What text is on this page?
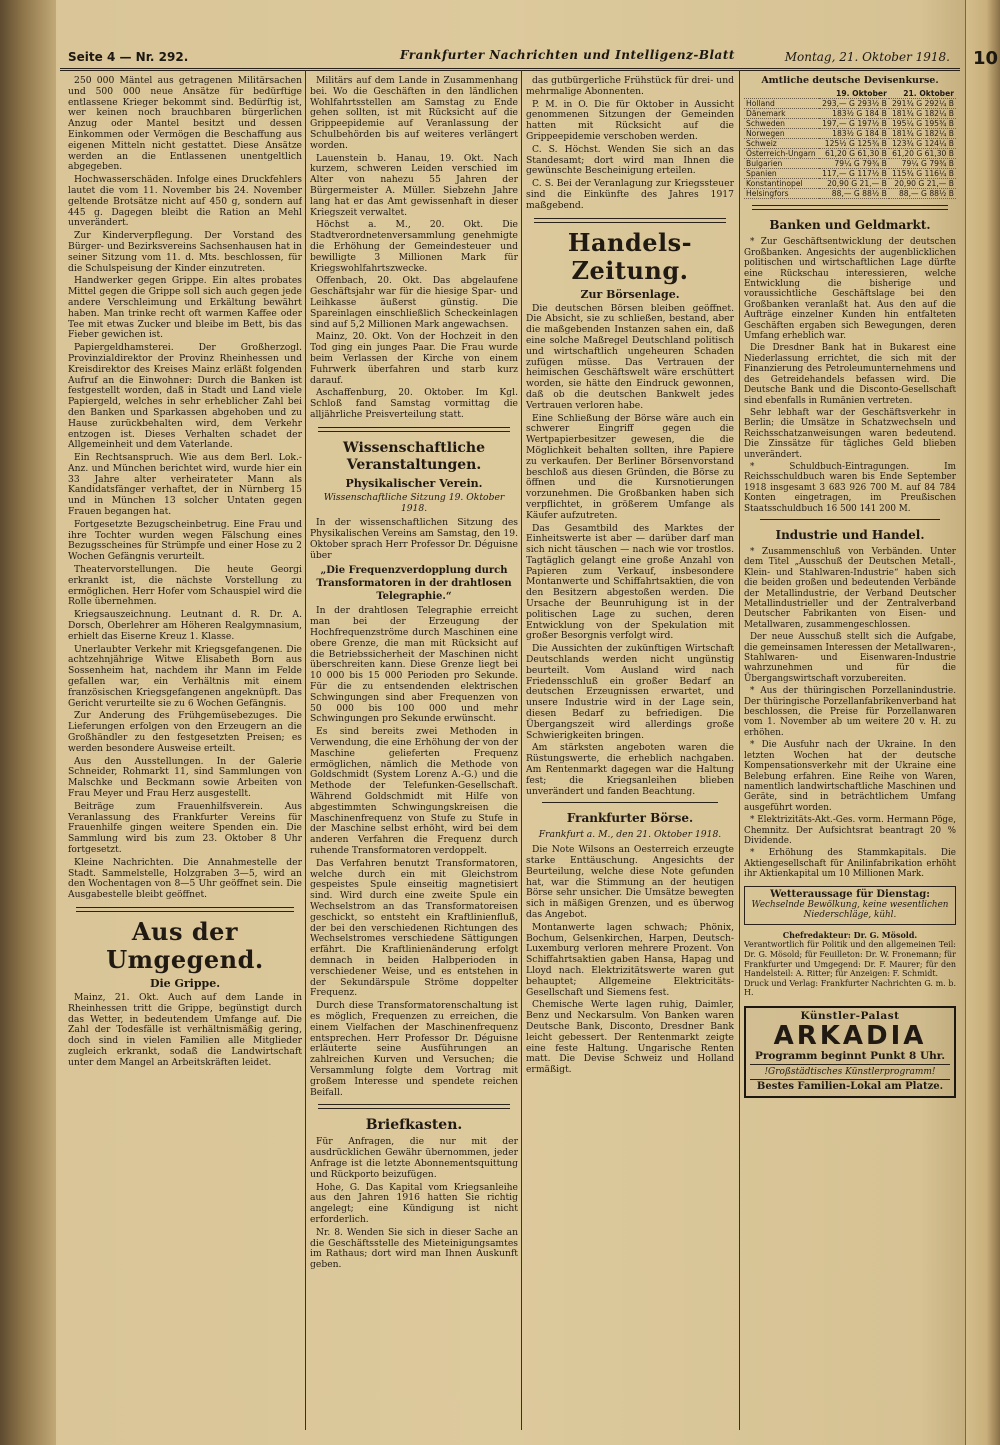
10
Seite 4 — Nr. 292.	Frankfurter Nachrichten und Intelligenz-Blatt	Montag, 21. Oktober 1918.

250 000 Mäntel aus getragenen Militärsachen und 500 000 neue Ansätze für bedürftige entlassene Krieger bekommt sind. Bedürftig ist, wer keinen noch brauchbaren bürgerlichen Anzug oder Mantel besitzt und dessen Einkommen oder Vermögen die Beschaffung aus eigenen Mitteln nicht gestattet. Diese Ansätze werden an die Entlassenen unentgeltlich abgegeben.

Hochwasserschäden. Infolge eines Druckfehlers lautet die vom 11. November bis 24. November geltende Brotsätze nicht auf 450 g, sondern auf 445 g. Dagegen bleibt die Ration an Mehl unverändert.

Zur Kinderverpflegung. Der Vorstand des Bürger- und Bezirksvereins Sachsenhausen hat in seiner Sitzung vom 11. d. Mts. beschlossen, für die Schulspeisung der Kinder einzutreten.

Handwerker gegen Grippe. Ein altes probates Mittel gegen die Grippe soll sich auch gegen jede andere Verschleimung und Erkältung bewährt haben. Man trinke recht oft warmen Kaffee oder Tee mit etwas Zucker und bleibe im Bett, bis das Fieber gewichen ist.

Papiergeldhamsterei. Der Großherzogl. Provinzialdirektor der Provinz Rheinhessen und Kreisdirektor des Kreises Mainz erläßt folgenden Aufruf an die Einwohner: Durch die Banken ist festgestellt worden, daß in Stadt und Land viele Papiergeld, welches in sehr erheblicher Zahl bei den Banken und Sparkassen abgehoben und zu Hause zurückbehalten wird, dem Verkehr entzogen ist. Dieses Verhalten schadet der Allgemeinheit und dem Vaterlande.

Ein Rechtsanspruch. Wie aus dem Berl. Lok.-Anz. und München berichtet wird, wurde hier ein 33 Jahre alter verheirateter Mann als Kandidatsfänger verhaftet, der in Nürnberg 15 und in München 13 solcher Untaten gegen Frauen begangen hat.

Fortgesetzte Bezugscheinbetrug. Eine Frau und ihre Tochter wurden wegen Fälschung eines Bezugsscheines für Strümpfe und einer Hose zu 2 Wochen Gefängnis verurteilt.

Theatervorstellungen. Die heute Georgi erkrankt ist, die nächste Vorstellung zu ermöglichen. Herr Hofer vom Schauspiel wird die Rolle übernehmen.

Kriegsauszeichnung. Leutnant d. R. Dr. A. Dorsch, Oberlehrer am Höheren Realgymnasium, erhielt das Eiserne Kreuz 1. Klasse.

Unerlaubter Verkehr mit Kriegsgefangenen. Die achtzehnjährige Witwe Elisabeth Born aus Sossenheim hat, nachdem ihr Mann im Felde gefallen war, ein Verhältnis mit einem französischen Kriegsgefangenen angeknüpft. Das Gericht verurteilte sie zu 6 Wochen Gefängnis.

Zur Anderung des Frühgemüsebezuges. Die Lieferungen erfolgen von den Erzeugern an die Großhändler zu den festgesetzten Preisen; es werden besondere Ausweise erteilt.

Aus den Ausstellungen. In der Galerie Schneider, Rohmarkt 11, sind Sammlungen von Malschke und Beckmann sowie Arbeiten von Frau Meyer und Frau Herz ausgestellt.

Beiträge zum Frauenhilfsverein. Aus Veranlassung des Frankfurter Vereins für Frauenhilfe gingen weitere Spenden ein. Die Sammlung wird bis zum 23. Oktober 8 Uhr fortgesetzt.

Kleine Nachrichten. Die Annahmestelle der Stadt. Sammelstelle, Holzgraben 3—5, wird an den Wochentagen von 8—5 Uhr geöffnet sein. Die Ausgabestelle bleibt geöffnet.

Aus der Umgegend.
Die Grippe.

Mainz, 21. Okt. Auch auf dem Lande in Rheinhessen tritt die Grippe, begünstigt durch das Wetter, in bedeutendem Umfange auf. Die Zahl der Todesfälle ist verhältnismäßig gering, doch sind in vielen Familien alle Mitglieder zugleich erkrankt, sodaß die Landwirtschaft unter dem Mangel an Arbeitskräften leidet.

Militärs auf dem Lande in Zusammenhang bei. Wo die Geschäften in den ländlichen Wohlfahrtsstellen am Samstag zu Ende gehen sollten, ist mit Rücksicht auf die Grippeepidemie auf Veranlassung der Schulbehörden bis auf weiteres verlängert worden.

Lauenstein b. Hanau, 19. Okt. Nach kurzem, schweren Leiden verschied im Alter von nahezu 55 Jahren der Bürgermeister A. Müller. Siebzehn Jahre lang hat er das Amt gewissenhaft in dieser Kriegszeit verwaltet.

Höchst a. M., 20. Okt. Die Stadtverordnetenversammlung genehmigte die Erhöhung der Gemeindesteuer und bewilligte 3 Millionen Mark für Kriegswohlfahrtszwecke.

Offenbach, 20. Okt. Das abgelaufene Geschäftsjahr war für die hiesige Spar- und Leihkasse äußerst günstig. Die Spareinlagen einschließlich Scheckeinlagen sind auf 5,2 Millionen Mark angewachsen.

Mainz, 20. Okt. Von der Hochzeit in den Tod ging ein junges Paar. Die Frau wurde beim Verlassen der Kirche von einem Fuhrwerk überfahren und starb kurz darauf.

Aschaffenburg, 20. Oktober. Im Kgl. Schloß fand Samstag vormittag die alljährliche Preisverteilung statt.

Wissenschaftliche Veranstaltungen.
Physikalischer Verein.
Wissenschaftliche Sitzung 19. Oktober 1918.

In der wissenschaftlichen Sitzung des Physikalischen Vereins am Samstag, den 19. Oktober sprach Herr Professor Dr. Déguisne über

„Die Frequenzverdopplung durch Transformatoren in der drahtlosen Telegraphie.“

In der drahtlosen Telegraphie erreicht man bei der Erzeugung der Hochfrequenzströme durch Maschinen eine obere Grenze, die man mit Rücksicht auf die Betriebssicherheit der Maschinen nicht überschreiten kann. Diese Grenze liegt bei 10 000 bis 15 000 Perioden pro Sekunde. Für die zu entsendenden elektrischen Schwingungen sind aber Frequenzen von 50 000 bis 100 000 und mehr Schwingungen pro Sekunde erwünscht.

Es sind bereits zwei Methoden in Verwendung, die eine Erhöhung der von der Maschine gelieferten Frequenz ermöglichen, nämlich die Methode von Goldschmidt (System Lorenz A.-G.) und die Methode der Telefunken-Gesellschaft. Während Goldschmidt mit Hilfe von abgestimmten Schwingungskreisen die Maschinenfrequenz von Stufe zu Stufe in der Maschine selbst erhöht, wird bei dem anderen Verfahren die Frequenz durch ruhende Transformatoren verdoppelt.

Das Verfahren benutzt Transformatoren, welche durch ein mit Gleichstrom gespeistes Spule einseitig magnetisiert sind. Wird durch eine zweite Spule ein Wechselstrom an das Transformatoreisen geschickt, so entsteht ein Kraftlinienfluß, der bei den verschiedenen Richtungen des Wechselstromes verschiedene Sättigungen erfährt. Die Kraftlinienänderung erfolgt demnach in beiden Halbperioden in verschiedener Weise, und es entstehen in der Sekundärspule Ströme doppelter Frequenz.

Durch diese Transformatorenschaltung ist es möglich, Frequenzen zu erreichen, die einem Vielfachen der Maschinenfrequenz entsprechen. Herr Professor Dr. Déguisne erläuterte seine Ausführungen an zahlreichen Kurven und Versuchen; die Versammlung folgte dem Vortrag mit großem Interesse und spendete reichen Beifall.

Briefkasten.

Für Anfragen, die nur mit der ausdrücklichen Gewähr übernommen, jeder Anfrage ist die letzte Abonnementsquittung und Rückporto beizufügen.

Hohe, G. Das Kapital vom Kriegsanleihe aus den Jahren 1916 hatten Sie richtig angelegt; eine Kündigung ist nicht erforderlich.

Nr. 8. Wenden Sie sich in dieser Sache an die Geschäftsstelle des Mieteinigungsamtes im Rathaus; dort wird man Ihnen Auskunft geben.

das gutbürgerliche Frühstück für drei- und mehrmalige Abonnenten.

P. M. in O. Die für Oktober in Aussicht genommenen Sitzungen der Gemeinden hatten mit Rücksicht auf die Grippeepidemie verschoben werden.

C. S. Höchst. Wenden Sie sich an das Standesamt; dort wird man Ihnen die gewünschte Bescheinigung erteilen.

C. S. Bei der Veranlagung zur Kriegssteuer sind die Einkünfte des Jahres 1917 maßgebend.

Handels-Zeitung.
Zur Börsenlage.

Die deutschen Börsen bleiben geöffnet. Die Absicht, sie zu schließen, bestand, aber die maßgebenden Instanzen sahen ein, daß eine solche Maßregel Deutschland politisch und wirtschaftlich ungeheuren Schaden zufügen müsse. Das Vertrauen der heimischen Geschäftswelt wäre erschüttert worden, sie hätte den Eindruck gewonnen, daß ob die deutschen Bankwelt jedes Vertrauen verloren habe.

Eine Schließung der Börse wäre auch ein schwerer Eingriff gegen die Wertpapierbesitzer gewesen, die die Möglichkeit behalten sollten, ihre Papiere zu verkaufen. Der Berliner Börsenvorstand beschloß aus diesen Gründen, die Börse zu öffnen und die Kursnotierungen vorzunehmen. Die Großbanken haben sich verpflichtet, in größerem Umfange als Käufer aufzutreten.

Das Gesamtbild des Marktes der Einheitswerte ist aber — darüber darf man sich nicht täuschen — nach wie vor trostlos. Tagtäglich gelangt eine große Anzahl von Papieren zum Verkauf, insbesondere Montanwerte und Schiffahrtsaktien, die von den Besitzern abgestoßen werden. Die Ursache der Beunruhigung ist in der politischen Lage zu suchen, deren Entwicklung von der Spekulation mit großer Besorgnis verfolgt wird.

Die Aussichten der zukünftigen Wirtschaft Deutschlands werden nicht ungünstig beurteilt. Vom Ausland wird nach Friedensschluß ein großer Bedarf an deutschen Erzeugnissen erwartet, und unsere Industrie wird in der Lage sein, diesen Bedarf zu befriedigen. Die Übergangszeit wird allerdings große Schwierigkeiten bringen.

Am stärksten angeboten waren die Rüstungswerte, die erheblich nachgaben. Am Rentenmarkt dagegen war die Haltung fest; die Kriegsanleihen blieben unverändert und fanden Beachtung.

Frankfurter Börse.
Frankfurt a. M., den 21. Oktober 1918.

Die Note Wilsons an Oesterreich erzeugte starke Enttäuschung. Angesichts der Beurteilung, welche diese Note gefunden hat, war die Stimmung an der heutigen Börse sehr unsicher. Die Umsätze bewegten sich in mäßigen Grenzen, und es überwog das Angebot.

Montanwerte lagen schwach; Phönix, Bochum, Gelsenkirchen, Harpen, Deutsch-Luxemburg verloren mehrere Prozent. Von Schiffahrtsaktien gaben Hansa, Hapag und Lloyd nach. Elektrizitätswerte waren gut behauptet; Allgemeine Elektricitäts-Gesellschaft und Siemens fest.

Chemische Werte lagen ruhig, Daimler, Benz und Neckarsulm. Von Banken waren Deutsche Bank, Disconto, Dresdner Bank leicht gebessert. Der Rentenmarkt zeigte eine feste Haltung. Ungarische Renten matt. Die Devise Schweiz und Holland ermäßigt.

Amtliche deutsche Devisenkurse.
	19. Oktober	21. Oktober
Holland	293,— G 293½ B	291¾ G 292¼ B
Dänemark	183½ G 184 B	181¾ G 182¼ B
Schweden	197,— G 197½ B	195¼ G 195¾ B
Norwegen	183½ G 184 B	181¾ G 182¼ B
Schweiz	125½ G 125¾ B	123¾ G 124¼ B
Österreich-Ungarn	61,20 G 61,30 B	61,20 G 61,30 B
Bulgarien	79¼ G 79¾ B	79¼ G 79¾ B
Spanien	117,— G 117½ B	115¾ G 116¼ B
Konstantinopel	20,90 G 21,— B	20,90 G 21,— B
Helsingfors	88,— G 88½ B	88,— G 88½ B
Banken und Geldmarkt.

* Zur Geschäftsentwicklung der deutschen Großbanken. Angesichts der augenblicklichen politischen und wirtschaftlichen Lage dürfte eine Rückschau interessieren, welche Entwicklung die bisherige und voraussichtliche Geschäftslage bei den Großbanken veranlaßt hat. Aus den auf die Aufträge einzelner Kunden hin entfalteten Geschäften ergaben sich Bewegungen, deren Umfang erheblich war.

Die Dresdner Bank hat in Bukarest eine Niederlassung errichtet, die sich mit der Finanzierung des Petroleumunternehmens und des Getreidehandels befassen wird. Die Deutsche Bank und die Disconto-Gesellschaft sind ebenfalls in Rumänien vertreten.

Sehr lebhaft war der Geschäftsverkehr in Berlin; die Umsätze in Schatzwechseln und Reichsschatzanweisungen waren bedeutend. Die Zinssätze für tägliches Geld blieben unverändert.

* Schuldbuch-Eintragungen. Im Reichsschuldbuch waren bis Ende September 1918 insgesamt 3 683 926 700 M. auf 84 784 Konten eingetragen, im Preußischen Staatsschuldbuch 16 500 141 200 M.

Industrie und Handel.

* Zusammenschluß von Verbänden. Unter dem Titel „Ausschuß der Deutschen Metall-, Klein- und Stahlwaren-Industrie“ haben sich die beiden großen und bedeutenden Verbände der Metallindustrie, der Verband Deutscher Metallindustrieller und der Zentralverband Deutscher Fabrikanten von Eisen- und Metallwaren, zusammengeschlossen.

Der neue Ausschuß stellt sich die Aufgabe, die gemeinsamen Interessen der Metallwaren-, Stahlwaren- und Eisenwaren-Industrie wahrzunehmen und für die Übergangswirtschaft vorzubereiten.

* Aus der thüringischen Porzellanindustrie. Der thüringische Porzellanfabrikenverband hat beschlossen, die Preise für Porzellanwaren vom 1. November ab um weitere 20 v. H. zu erhöhen.

* Die Ausfuhr nach der Ukraine. In den letzten Wochen hat der deutsche Kompensationsverkehr mit der Ukraine eine Belebung erfahren. Eine Reihe von Waren, namentlich landwirtschaftliche Maschinen und Geräte, sind in beträchtlichem Umfang ausgeführt worden.

* Elektrizitäts-Akt.-Ges. vorm. Hermann Pöge, Chemnitz. Der Aufsichtsrat beantragt 20 % Dividende.

* Erhöhung des Stammkapitals. Die Aktiengesellschaft für Anilinfabrikation erhöht ihr Aktienkapital um 10 Millionen Mark.

Wetteraussage für Dienstag:
Wechselnde Bewölkung, keine wesentlichen Niederschläge, kühl.
Chefredakteur: Dr. G. Mösold.
Verantwortlich für Politik und den allgemeinen Teil: Dr. G. Mösold; für Feuilleton: Dr. W. Fronemann; für Frankfurter und Umgegend: Dr. F. Maurer; für den Handelsteil: A. Ritter; für Anzeigen: F. Schmidt.
Druck und Verlag: Frankfurter Nachrichten G. m. b. H.
Künstler-Palast
ARKADIA
Programm beginnt Punkt 8 Uhr.
!Großstädtisches Künstlerprogramm!
Bestes Familien-Lokal am Platze.
